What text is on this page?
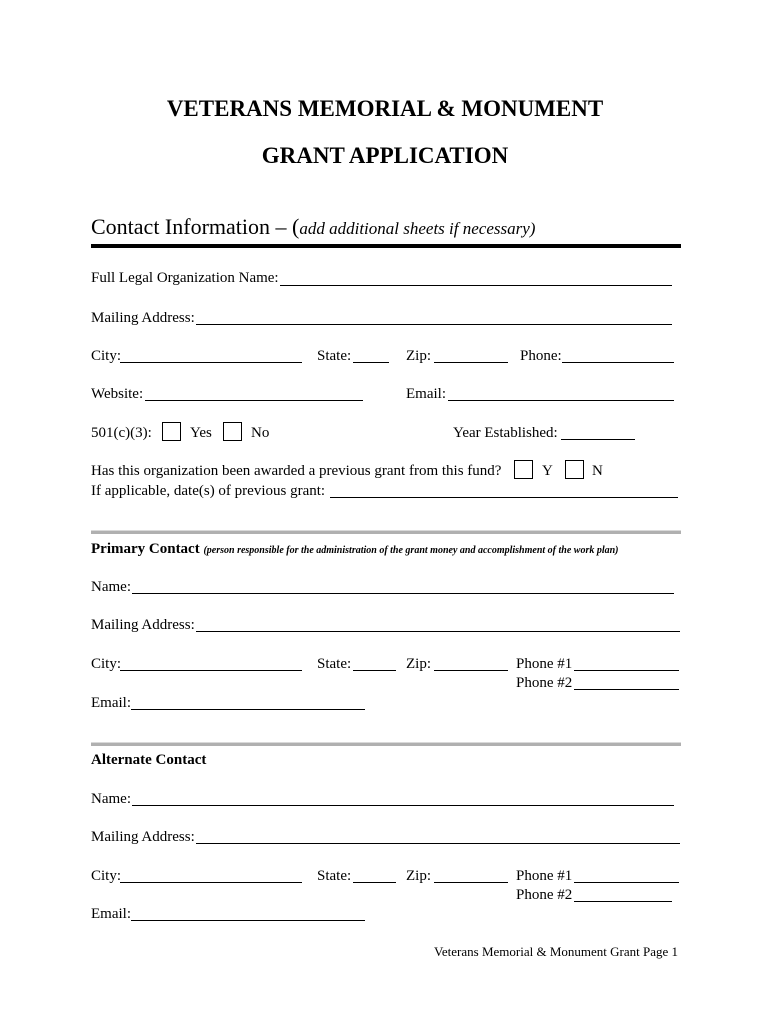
VETERANS MEMORIAL & MONUMENT
GRANT APPLICATION
Contact Information – (add additional sheets if necessary)
Full Legal Organization Name:
Mailing Address:
City:	State:	Zip:	Phone:
Website:	Email:
501(c)(3):	Yes	No	Year Established:
Has this organization been awarded a previous grant from this fund?	Y	N
If applicable, date(s) of previous grant:
Primary Contact (person responsible for the administration of the grant money and accomplishment of the work plan)
Name:
Mailing Address:
City:	State:	Zip:	Phone #1
Phone #2
Email:
Alternate Contact
Name:
Mailing Address:
City:	State:	Zip:	Phone #1
Phone #2
Email:
Veterans Memorial & Monument Grant Page 1
